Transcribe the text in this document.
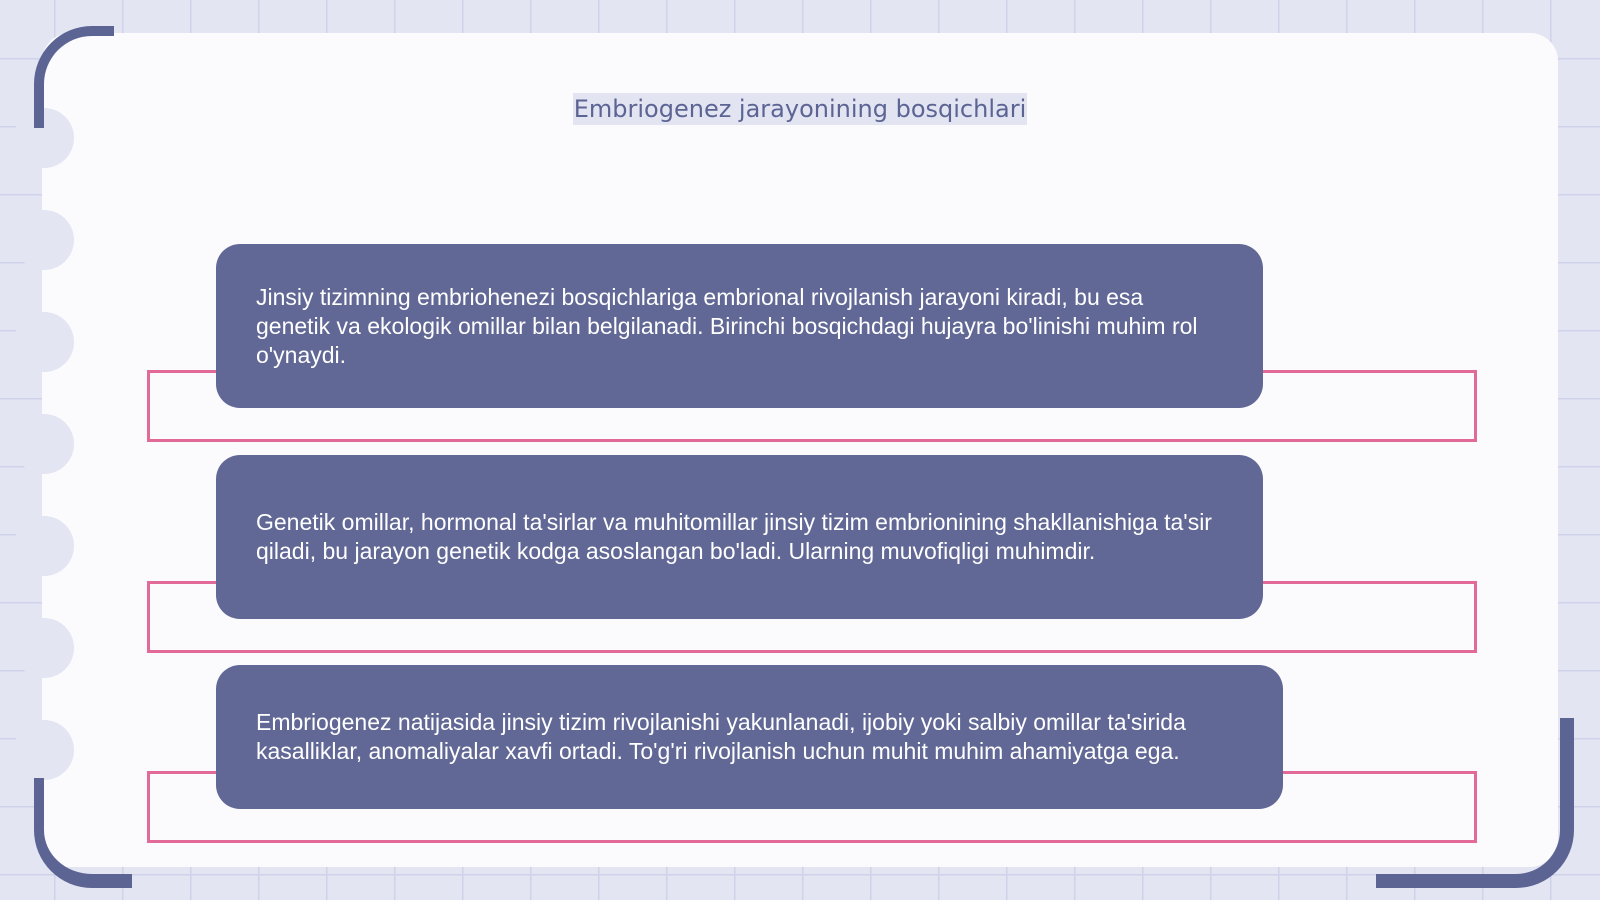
Embriogenez jarayonining bosqichlari
Jinsiy tizimning embriohenezi bosqichlariga embrional rivojlanish jarayoni kiradi, bu esa genetik va ekologik omillar bilan belgilanadi. Birinchi bosqichdagi hujayra bo'linishi muhim rol o'ynaydi.
Genetik omillar, hormonal ta'sirlar va muhitomillar jinsiy tizim embrionining shakllanishiga ta'sir qiladi, bu jarayon genetik kodga asoslangan bo'ladi. Ularning muvofiqligi muhimdir.
Embriogenez natijasida jinsiy tizim rivojlanishi yakunlanadi, ijobiy yoki salbiy omillar ta'sirida kasalliklar, anomaliyalar xavfi ortadi. To'g'ri rivojlanish uchun muhit muhim ahamiyatga ega.
